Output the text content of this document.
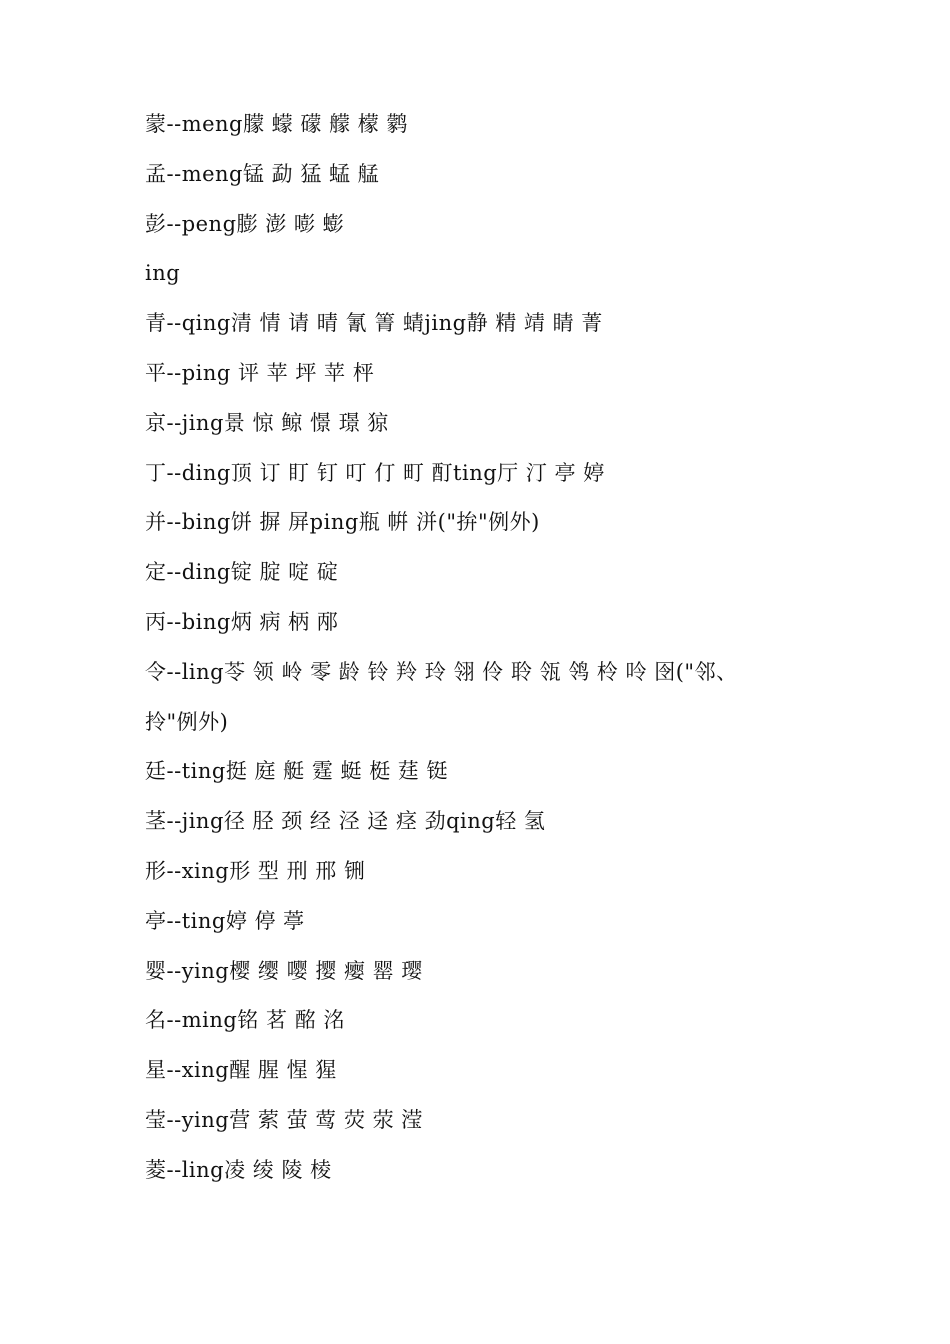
蒙--meng朦 蠓 礞 艨 檬 鹲
孟--meng锰 勐 猛 蜢 艋
彭--peng膨 澎 嘭 蟛
ing
青--qing清 情 请 晴 氰 箐 蜻jing静 精 靖 睛 菁
平--ping 评 苹 坪 苹 枰
京--jing景 惊 鲸 憬 璟 猄
丁--ding顶 订 盯 钉 叮 仃 町 酊ting厅 汀 亭 婷
并--bing饼 摒 屏ping瓶 帲 洴("拚"例外)
定--ding锭 腚 啶 碇
丙--bing炳 病 柄 邴
令--ling苓 领 岭 零 龄 铃 羚 玲 翎 伶 聆 瓴 鸰 柃 呤 囹("邻、
拎"例外)
廷--ting挺 庭 艇 霆 蜓 梃 莛 铤
茎--jing径 胫 颈 经 泾 迳 痉 劲qing轻 氢
形--xing形 型 刑 邢 铏
亭--ting婷 停 葶
婴--ying樱 缨 嘤 撄 瘿 罂 璎
名--ming铭 茗 酩 洺
星--xing醒 腥 惺 猩
莹--ying营 萦 萤 莺 荧 荥 滢
菱--ling凌 绫 陵 棱
